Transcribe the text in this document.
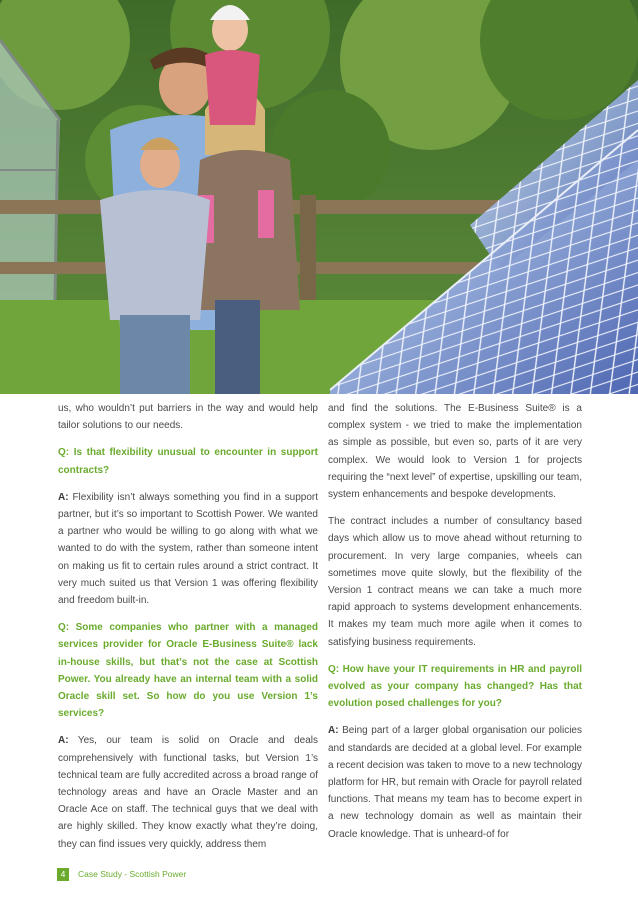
us, who wouldn’t put barriers in the way and would help tailor solutions to our needs.

Q: Is that flexibility unusual to encounter in support contracts?

A: Flexibility isn’t always something you find in a support partner, but it’s so important to Scottish Power. We wanted a partner who would be willing to go along with what we wanted to do with the system, rather than someone intent on making us fit to certain rules around a strict contract. It very much suited us that Version 1 was offering flexibility and freedom built-in.

Q: Some companies who partner with a managed services provider for Oracle E-Business Suite® lack in-house skills, but that’s not the case at Scottish Power. You already have an internal team with a solid Oracle skill set. So how do you use Version 1’s services?

A: Yes, our team is solid on Oracle and deals comprehensively with functional tasks, but Version 1’s technical team are fully accredited across a broad range of technology areas and have an Oracle Master and an Oracle Ace on staff. The technical guys that we deal with are highly skilled. They know exactly what they’re doing, they can find issues very quickly, address them

and find the solutions. The E-Business Suite® is a complex system - we tried to make the implementation as simple as possible, but even so, parts of it are very complex. We would look to Version 1 for projects requiring the “next level” of expertise, upskilling our team, system enhancements and bespoke developments.

The contract includes a number of consultancy based days which allow us to move ahead without returning to procurement. In very large companies, wheels can sometimes move quite slowly, but the flexibility of the Version 1 contract means we can take a much more rapid approach to systems development enhancements. It makes my team much more agile when it comes to satisfying business requirements.

Q: How have your IT requirements in HR and payroll evolved as your company has changed? Has that evolution posed challenges for you?

A: Being part of a larger global organisation our policies and standards are decided at a global level. For example a recent decision was taken to move to a new technology platform for HR, but remain with Oracle for payroll related functions. That means my team has to become expert in a new technology domain as well as maintain their Oracle knowledge. That is unheard-of for

4	Case Study - Scottish Power
